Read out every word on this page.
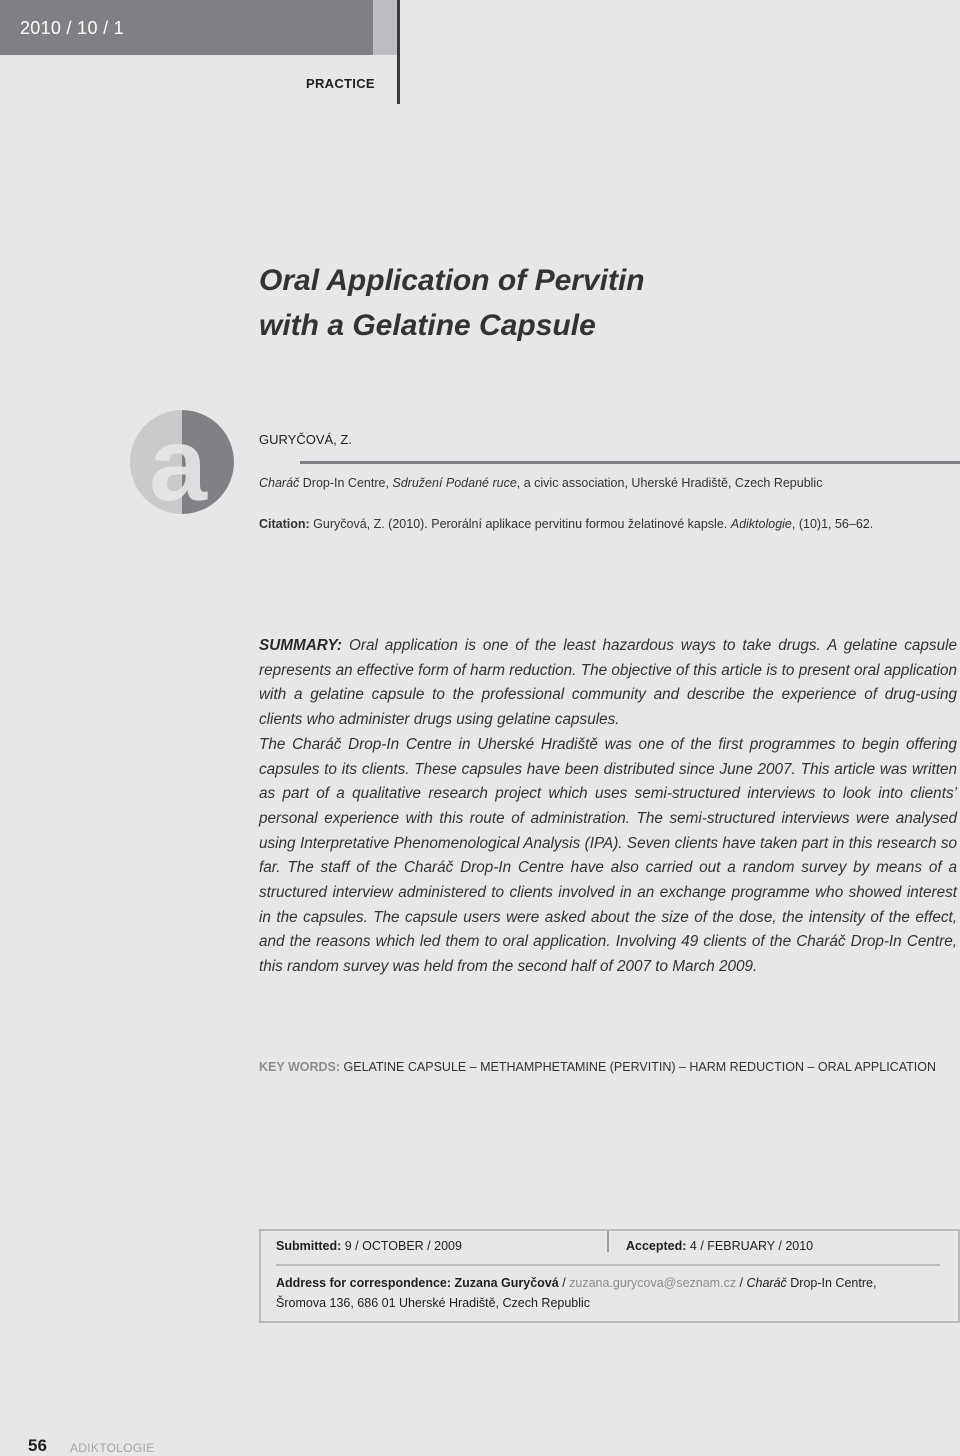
2010 / 10 / 1
PRACTICE
Oral Application of Pervitin
with a Gelatine Capsule
a	GURYČOVÁ, Z.
Charáč Drop-In Centre, Sdružení Podané ruce, a civic association, Uherské Hradiště, Czech Republic
Citation: Guryčová, Z. (2010). Perorální aplikace pervitinu formou želatinové kapsle. Adiktologie, (10)1, 56–62.
SUMMARY: Oral application is one of the least hazardous ways to take drugs. A gelatine capsule represents an effective form of harm reduction. The objective of this article is to present oral application with a gelatine capsule to the professional community and describe the experience of drug-using clients who administer drugs using gelatine capsules.
The Charáč Drop-In Centre in Uherské Hradiště was one of the first programmes to begin offering capsules to its clients. These capsules have been distributed since June 2007. This article was written as part of a qualitative research project which uses semi-structured interviews to look into clients’ personal experience with this route of administration. The semi-structured interviews were analysed using Interpretative Phenomenological Analysis (IPA). Seven clients have taken part in this research so far. The staff of the Charáč Drop-In Centre have also carried out a random survey by means of a structured interview administered to clients involved in an exchange programme who showed interest in the capsules. The capsule users were asked about the size of the dose, the intensity of the effect, and the reasons which led them to oral application. Involving 49 clients of the Charáč Drop-In Centre, this random survey was held from the second half of 2007 to March 2009.
KEY WORDS: GELATINE CAPSULE – METHAMPHETAMINE (PERVITIN) – HARM REDUCTION – ORAL APPLICATION
Submitted: 9 / OCTOBER / 2009	Accepted: 4 / FEBRUARY / 2010
Address for correspondence: Zuzana Guryčová / zuzana.gurycova@seznam.cz / Charáč Drop-In Centre, Šromova 136, 686 01 Uherské Hradiště, Czech Republic
56 ADIKTOLOGIE
